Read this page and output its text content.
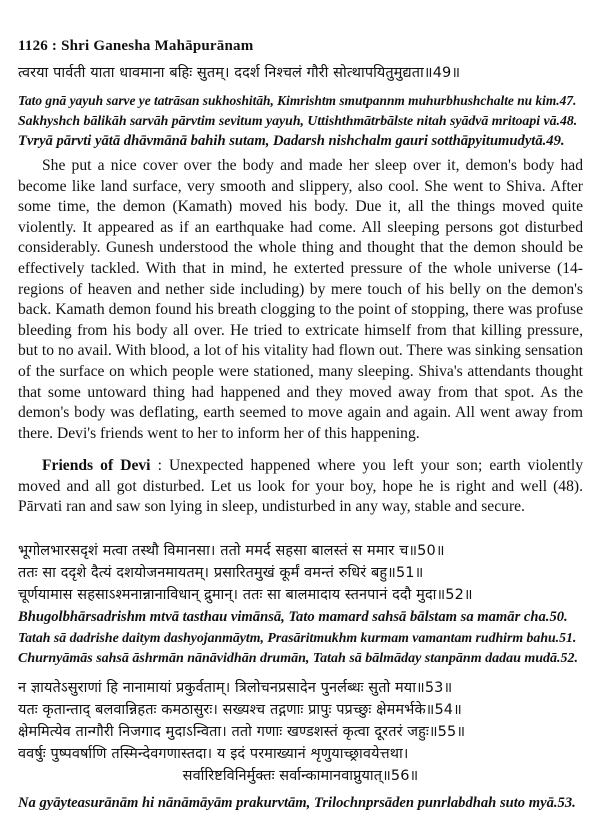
1126 : Shri Ganesha Mahāpurānam
त्वरया पार्वती याता धावमाना बहिः सुतम्। ददर्श निश्चलं गौरी सोत्थापयितुमुद्यता॥49॥
Tato gnā yayuh sarve ye tatrāsan sukhoshitāh, Kimrishtm smutpannm muhurbhushchalte nu kim.47.
Sakhyshch bālikāh sarvāh pārvtim sevitum yayuh, Uttishthmātrbālste nitah syādvā mritoapi vā.48.
Tvryā pārvti yātā dhāvmānā bahih sutam, Dadarsh nishchalm gauri sotthāpyitumudytā.49.

She put a nice cover over the body and made her sleep over it, demon's body had become like land surface, very smooth and slippery, also cool. She went to Shiva. After some time, the demon (Kamath) moved his body. Due it, all the things moved quite violently. It appeared as if an earthquake had come. All sleeping persons got disturbed considerably. Gunesh understood the whole thing and thought that the demon should be effectively tackled. With that in mind, he exterted pressure of the whole universe (14-regions of heaven and nether side including) by mere touch of his belly on the demon's back. Kamath demon found his breath clogging to the point of stopping, there was profuse bleeding from his body all over. He tried to extricate himself from that killing pressure, but to no avail. With blood, a lot of his vitality had flown out. There was sinking sensation of the surface on which people were stationed, many sleeping. Shiva's attendants thought that some untoward thing had happened and they moved away from that spot. As the demon's body was deflating, earth seemed to move again and again. All went away from there. Devi's friends went to her to inform her of this happening.

Friends of Devi : Unexpected happened where you left your son; earth violently moved and all got disturbed. Let us look for your boy, hope he is right and well (48). Pārvati ran and saw son lying in sleep, undisturbed in any way, stable and secure.

भूगोलभारसदृशं मत्वा तस्थौ विमानसा। ततो ममर्द सहसा बालस्तं स ममार च॥50॥
ततः सा ददृशे दैत्यं दशयोजनमायतम्। प्रसारितमुखं कूर्मं वमन्तं रुधिरं बहु॥51॥
चूर्णयामास सहसाऽश्मनान्नानाविधान् द्रुमान्। ततः सा बालमादाय स्तनपानं ददौ मुदा॥52॥
Bhugolbhārsadrishm mtvā tasthau vimānsā, Tato mamard sahsā bālstam sa mamār cha.50.
Tatah sā dadrishe daitym dashyojanmāytm, Prasāritmukhm kurmam vamantam rudhirm bahu.51.
Churnyāmās sahsā āshrmān nānāvidhān drumān, Tatah sā bālmāday stanpānm dadau mudā.52.
न ज्ञायतेऽसुराणां हि नानामायां प्रकुर्वताम्। त्रिलोचनप्रसादेन पुनर्लब्धः सुतो मया॥53॥
यतः कृतान्ताद् बलवान्निहतः कमठासुरः। सख्यश्च तद्गणाः प्रापुः पप्रच्छुः क्षेममर्भके॥54॥
क्षेममित्येव तान्गौरी निजगाद मुदाऽन्विता। ततो गणाः खण्डशस्तं कृत्वा दूरतरं जहुः॥55॥
ववर्षुः पुष्पवर्षाणि तस्मिन्देवगणास्तदा। य इदं परमाख्यानं शृणुयाच्छ्रावयेत्तथा।
सर्वारिष्टविनिर्मुक्तः सर्वान्कामानवाप्नुयात्॥56॥
Na gyāyteasurānām hi nānāmāyām prakurvtām, Trilochnprsāden punrlabdhah suto myā.53.
